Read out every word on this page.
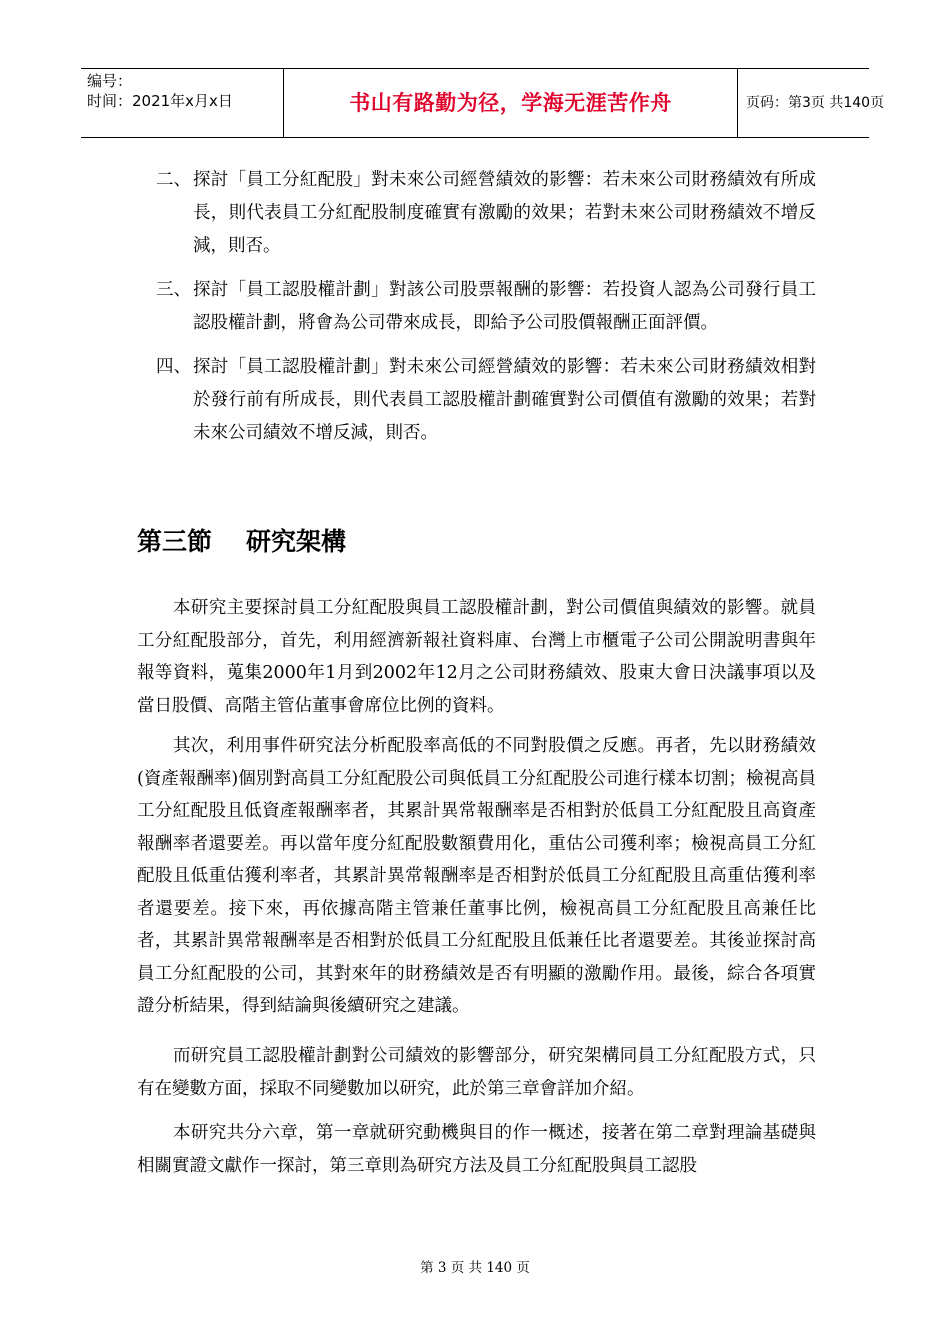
编号：
时间：2021年x月x日	书山有路勤为径，学海无涯苦作舟	页码：第3页 共140页
二、 探討「員工分紅配股」對未來公司經營績效的影響：若未來公司財務績效有所成長，則代表員工分紅配股制度確實有激勵的效果；若對未來公司財務績效不增反減，則否。
三、 探討「員工認股權計劃」對該公司股票報酬的影響：若投資人認為公司發行員工認股權計劃，將會為公司帶來成長，即給予公司股價報酬正面評價。
四、 探討「員工認股權計劃」對未來公司經營績效的影響：若未來公司財務績效相對於發行前有所成長，則代表員工認股權計劃確實對公司價值有激勵的效果；若對未來公司績效不增反減，則否。
第三節 研究架構
本研究主要探討員工分紅配股與員工認股權計劃，對公司價值與績效的影響。就員工分紅配股部分，首先，利用經濟新報社資料庫、台灣上市櫃電子公司公開說明書與年報等資料，蒐集2000年1月到2002年12月之公司財務績效、股東大會日決議事項以及當日股價、高階主管佔董事會席位比例的資料。
其次，利用事件研究法分析配股率高低的不同對股價之反應。再者，先以財務績效(資產報酬率)個別對高員工分紅配股公司與低員工分紅配股公司進行樣本切割；檢視高員工分紅配股且低資產報酬率者，其累計異常報酬率是否相對於低員工分紅配股且高資產報酬率者還要差。再以當年度分紅配股數額費用化，重估公司獲利率；檢視高員工分紅配股且低重估獲利率者，其累計異常報酬率是否相對於低員工分紅配股且高重估獲利率者還要差。接下來，再依據高階主管兼任董事比例，檢視高員工分紅配股且高兼任比者，其累計異常報酬率是否相對於低員工分紅配股且低兼任比者還要差。其後並探討高員工分紅配股的公司，其對來年的財務績效是否有明顯的激勵作用。最後，綜合各項實證分析結果，得到結論與後續研究之建議。
而研究員工認股權計劃對公司績效的影響部分，研究架構同員工分紅配股方式，只有在變數方面，採取不同變數加以研究，此於第三章會詳加介紹。
本研究共分六章，第一章就研究動機與目的作一概述，接著在第二章對理論基礎與相關實證文獻作一探討，第三章則為研究方法及員工分紅配股與員工認股
第 3 页 共 140 页
